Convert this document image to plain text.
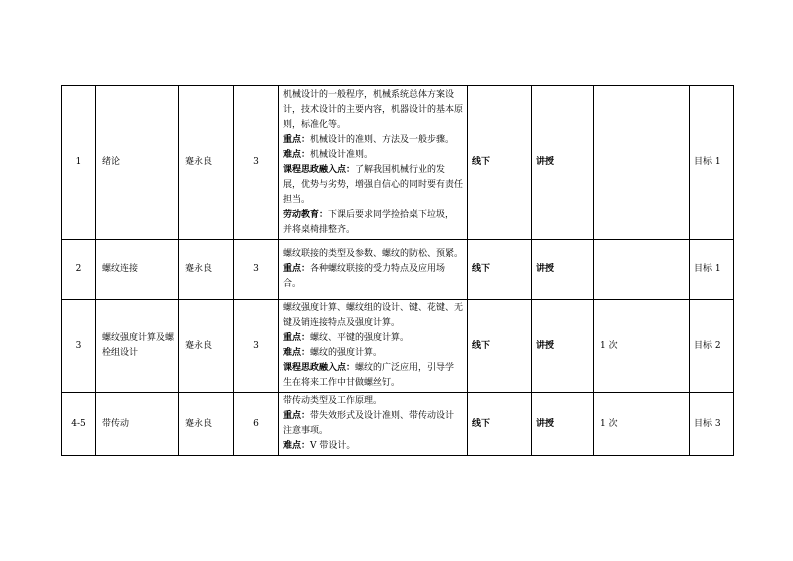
1	绪论	蹇永良	3	机械设计的一般程序，机械系统总体方案设计，技术设计的主要内容，机器设计的基本原则，标准化等。

重点：机械设计的准则、方法及一般步骤。

难点：机械设计准则。

课程思政融入点：了解我国机械行业的发展，优势与劣势，增强自信心的同时要有责任担当。

劳动教育：下课后要求同学捡拾桌下垃圾，并将桌椅排整齐。	线下	讲授		目标 1
2	螺纹连接	蹇永良	3	螺纹联接的类型及参数、螺纹的防松、预紧。

重点：各种螺纹联接的受力特点及应用场合。	线下	讲授		目标 1
3	螺纹强度计算及螺栓组设计	蹇永良	3	螺纹强度计算、螺纹组的设计、键、花键、无键及销连接特点及强度计算。

重点：螺纹、平键的强度计算。

难点：螺纹的强度计算。

课程思政融入点：螺纹的广泛应用，引导学生在将来工作中甘做螺丝钉。	线下	讲授	1 次	目标 2
4-5	带传动	蹇永良	6	带传动类型及工作原理。

重点：带失效形式及设计准则、带传动设计注意事项。

难点：V 带设计。	线下	讲授	1 次	目标 3
